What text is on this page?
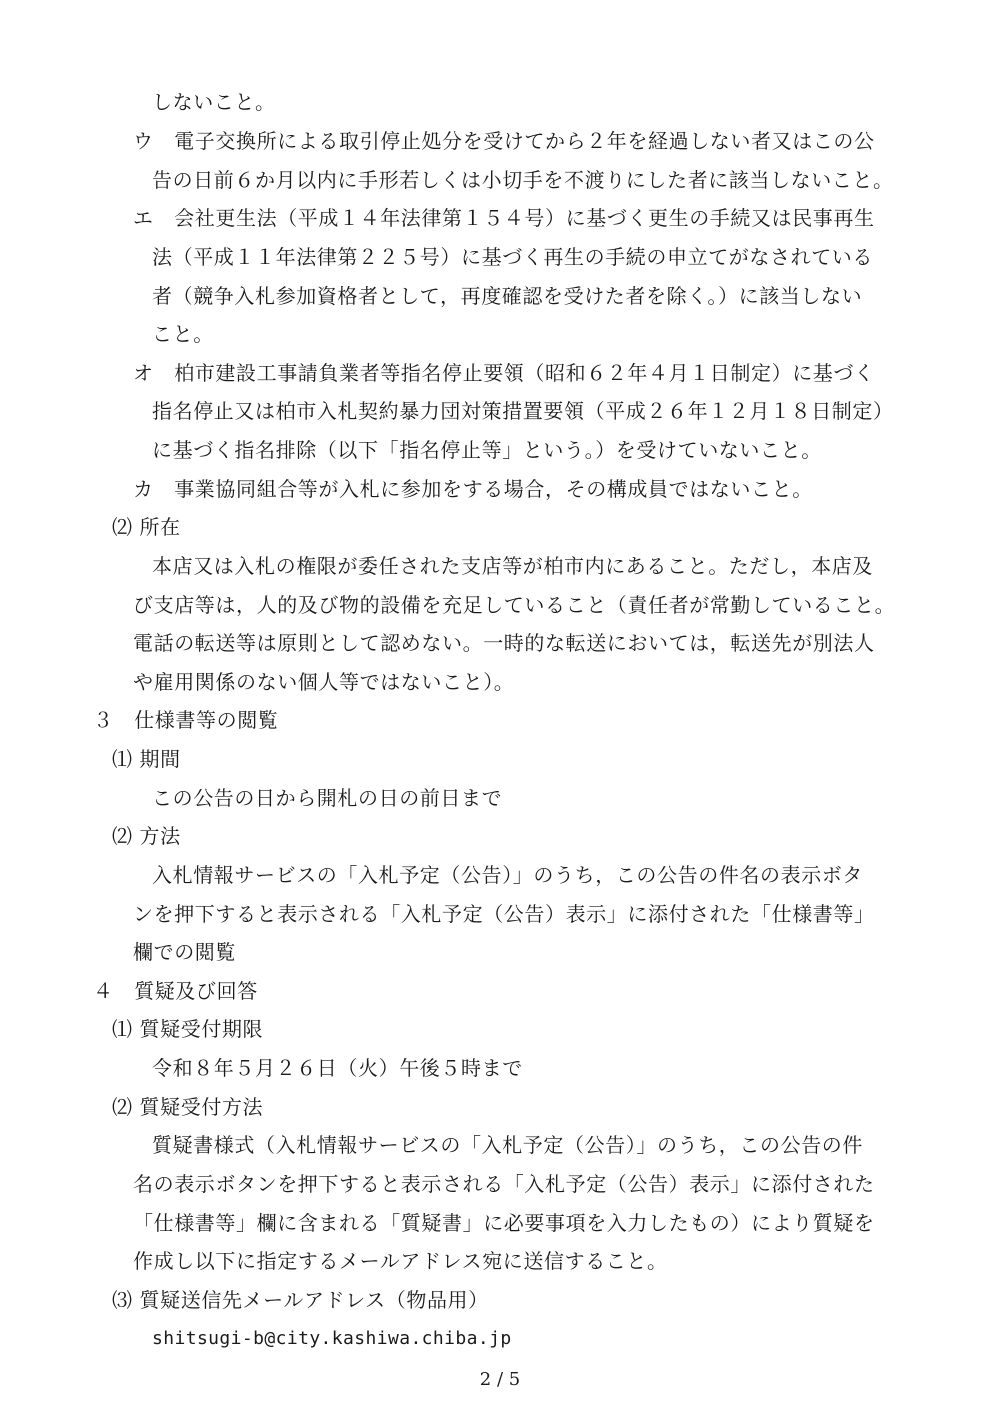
しないこと。
ウ　電子交換所による取引停止処分を受けてから２年を経過しない者又はこの公
告の日前６か月以内に手形若しくは小切手を不渡りにした者に該当しないこと。
エ　会社更生法（平成１４年法律第１５４号）に基づく更生の手続又は民事再生
法（平成１１年法律第２２５号）に基づく再生の手続の申立てがなされている
者（競争入札参加資格者として，再度確認を受けた者を除く。）に該当しない
こと。
オ　柏市建設工事請負業者等指名停止要領（昭和６２年４月１日制定）に基づく
指名停止又は柏市入札契約暴力団対策措置要領（平成２６年１２月１８日制定）
に基づく指名排除（以下「指名停止等」という。）を受けていないこと。
カ　事業協同組合等が入札に参加をする場合，その構成員ではないこと。
⑵ 所在
本店又は入札の権限が委任された支店等が柏市内にあること。ただし，本店及
び支店等は，人的及び物的設備を充足していること（責任者が常勤していること。
電話の転送等は原則として認めない。一時的な転送においては，転送先が別法人
や雇用関係のない個人等ではないこと）。
３　仕様書等の閲覧
⑴ 期間
この公告の日から開札の日の前日まで
⑵ 方法
入札情報サービスの「入札予定（公告）」のうち，この公告の件名の表示ボタ
ンを押下すると表示される「入札予定（公告）表示」に添付された「仕様書等」
欄での閲覧
４　質疑及び回答
⑴ 質疑受付期限
令和８年５月２６日（火）午後５時まで
⑵ 質疑受付方法
質疑書様式（入札情報サービスの「入札予定（公告）」のうち，この公告の件
名の表示ボタンを押下すると表示される「入札予定（公告）表示」に添付された
「仕様書等」欄に含まれる「質疑書」に必要事項を入力したもの）により質疑を
作成し以下に指定するメールアドレス宛に送信すること。
⑶ 質疑送信先メールアドレス（物品用）
shitsugi-b@city.kashiwa.chiba.jp
2 / 5
